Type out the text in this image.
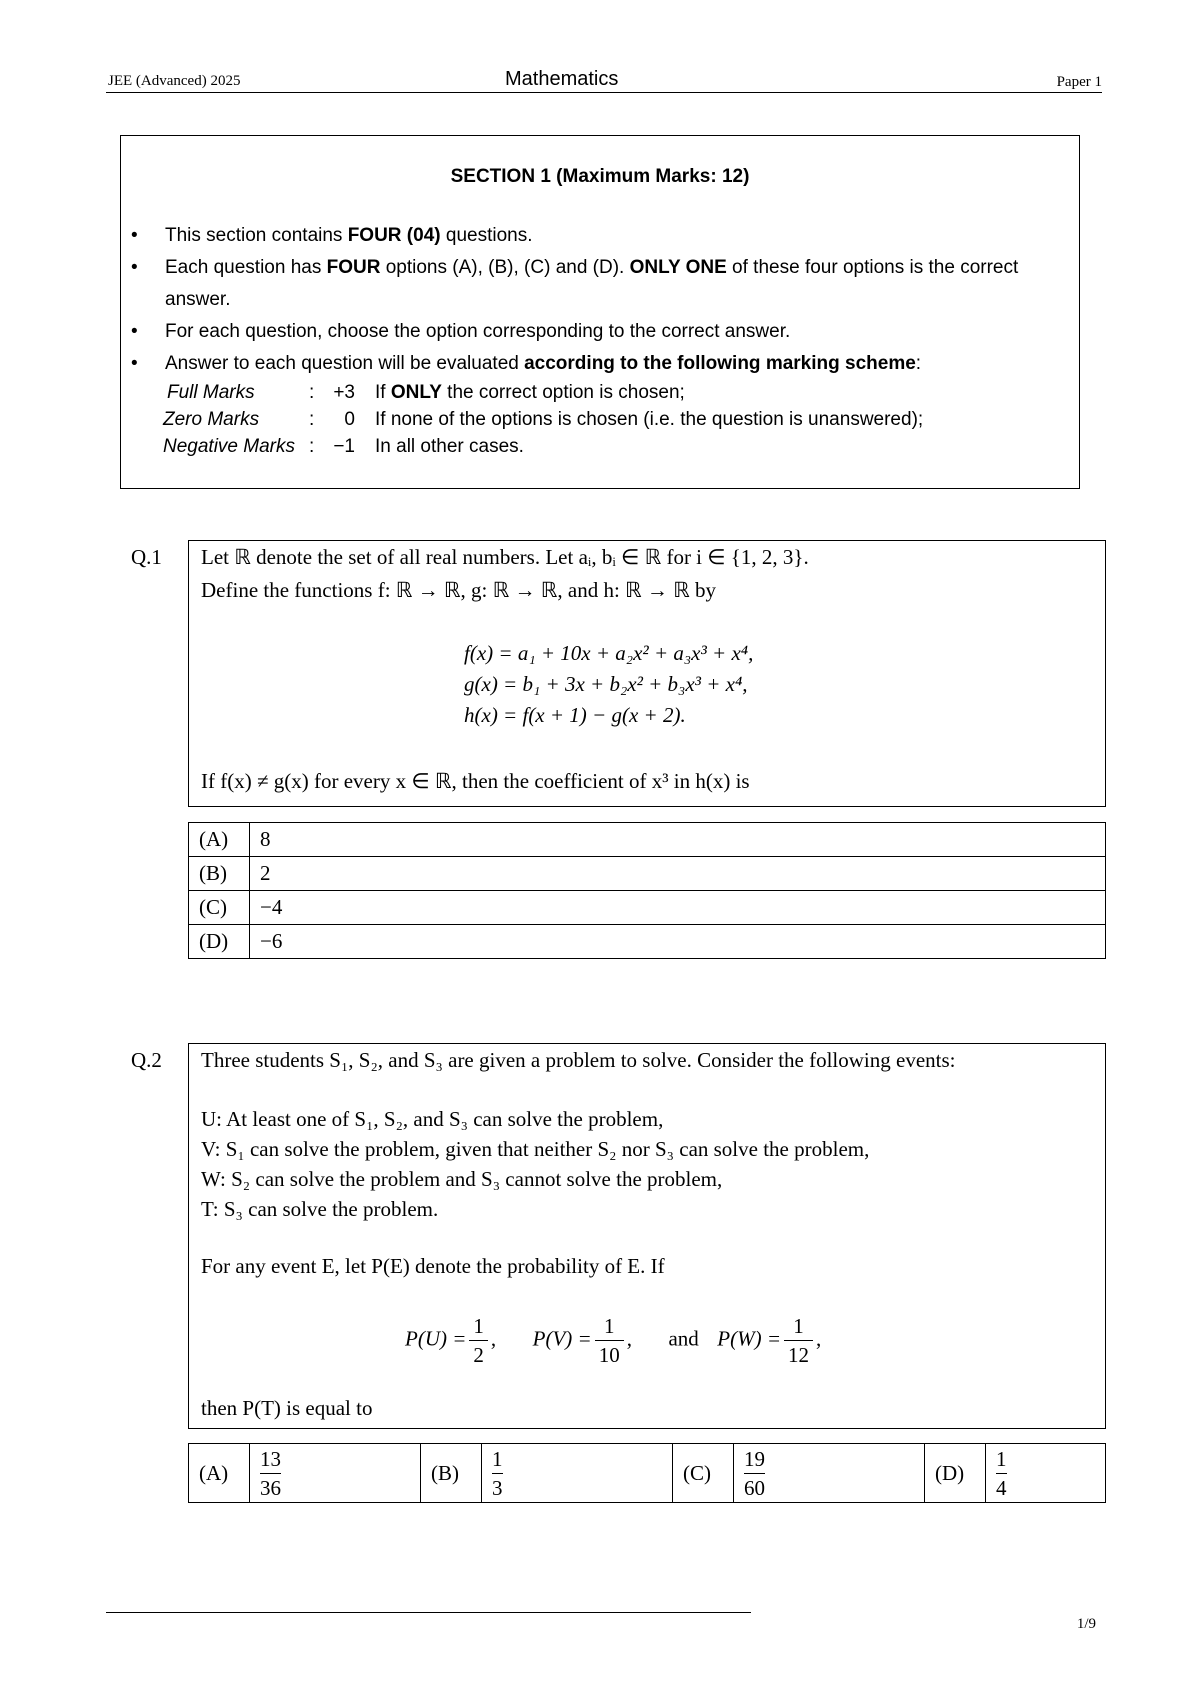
JEE (Advanced) 2025	Mathematics	Paper 1
SECTION 1 (Maximum Marks: 12)
• This section contains FOUR (04) questions.
• Each question has FOUR options (A), (B), (C) and (D). ONLY ONE of these four options is the correct answer.
• For each question, choose the option corresponding to the correct answer.
• Answer to each question will be evaluated according to the following marking scheme:
Full Marks	:	+3 If ONLY the correct option is chosen;
Zero Marks	:	0 If none of the options is chosen (i.e. the question is unanswered);
Negative Marks :	−1 In all other cases.
Q.1 Let ℝ denote the set of all real numbers. Let aᵢ, bᵢ ∈ ℝ for i ∈ {1, 2, 3}.
Define the functions f: ℝ → ℝ, g: ℝ → ℝ, and h: ℝ → ℝ by
f(x) = a₁ + 10x + a₂x² + a₃x³ + x⁴,
g(x) = b₁ + 3x + b₂x² + b₃x³ + x⁴,
h(x) = f(x + 1) − g(x + 2).
If f(x) ≠ g(x) for every x ∈ ℝ, then the coefficient of x³ in h(x) is
(A)	8
(B)	2
(C)	−4
(D)	−6
Q.2 Three students S₁, S₂, and S₃ are given a problem to solve. Consider the following events:
U: At least one of S₁, S₂, and S₃ can solve the problem,
V: S₁ can solve the problem, given that neither S₂ nor S₃ can solve the problem,
W: S₂ can solve the problem and S₃ cannot solve the problem,
T: S₃ can solve the problem.
For any event E, let P(E) denote the probability of E. If
$P(U) = \frac{1}{2}$ ,  $P(V) = \frac{1}{10}$ ,  and $P(W) = \frac{1}{12}$ ,
then P(T) is equal to
(A)	$\frac{13}{36}$	(B)	$\frac{1}{3}$	(C)	$\frac{19}{60}$	(D)	$\frac{1}{4}$
1/9
